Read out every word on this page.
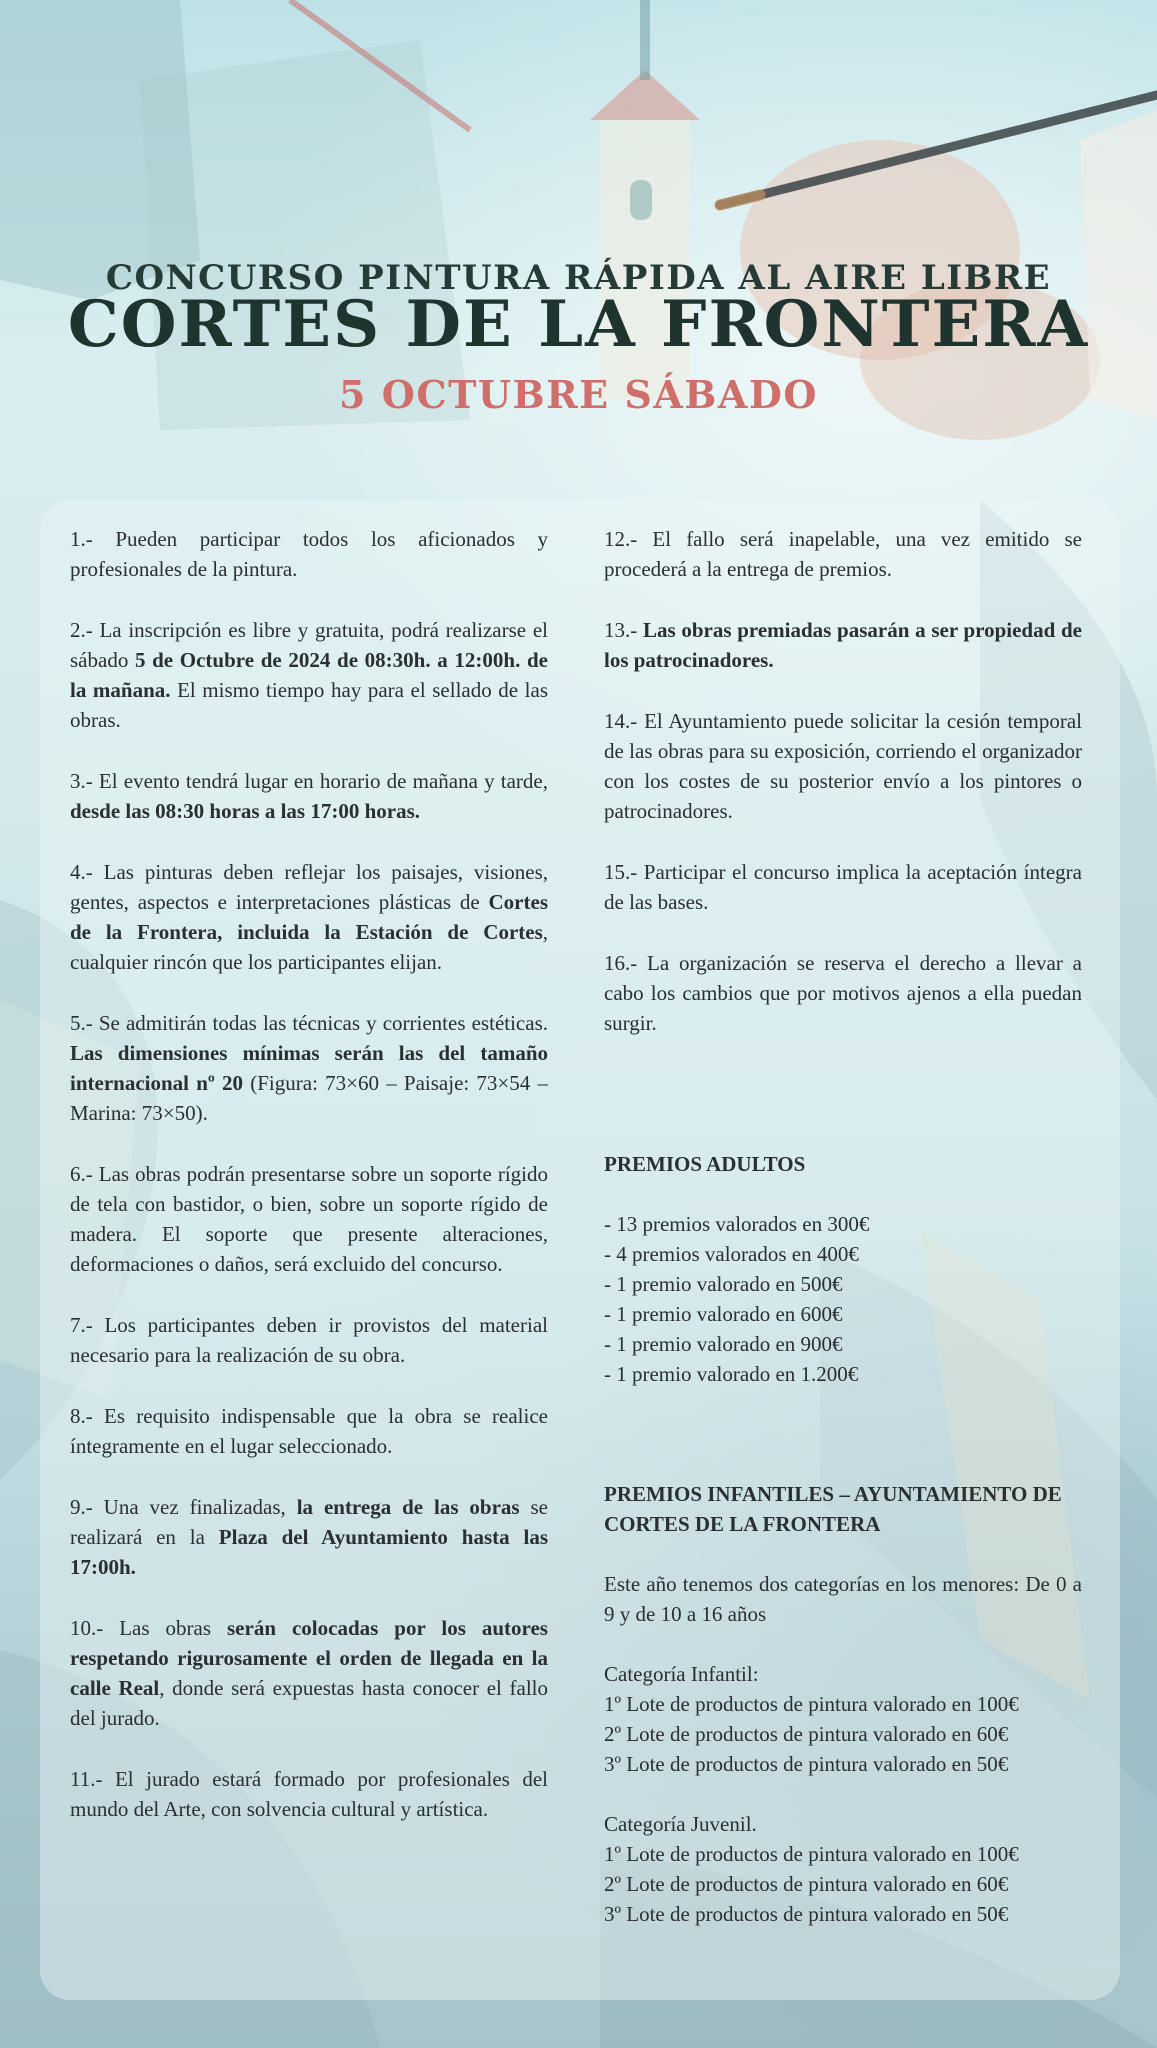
CONCURSO PINTURA RÁPIDA AL AIRE LIBRE
CORTES DE LA FRONTERA
5 OCTUBRE SÁBADO

1.- Pueden participar todos los aficionados y profesionales de la pintura.

2.- La inscripción es libre y gratuita, podrá realizarse el sábado 5 de Octubre de 2024 de 08:30h. a 12:00h. de la mañana. El mismo tiempo hay para el sellado de las obras.

3.- El evento tendrá lugar en horario de mañana y tarde, desde las 08:30 horas a las 17:00 horas.

4.- Las pinturas deben reflejar los paisajes, visiones, gentes, aspectos e interpretaciones plásticas de Cortes de la Frontera, incluida la Estación de Cortes, cualquier rincón que los participantes elijan.

5.- Se admitirán todas las técnicas y corrientes estéticas. Las dimensiones mínimas serán las del tamaño internacional nº 20 (Figura: 73×60 – Paisaje: 73×54 – Marina: 73×50).

6.- Las obras podrán presentarse sobre un soporte rígido de tela con bastidor, o bien, sobre un soporte rígido de madera. El soporte que presente alteraciones, deformaciones o daños, será excluido del concurso.

7.- Los participantes deben ir provistos del material necesario para la realización de su obra.

8.- Es requisito indispensable que la obra se realice íntegramente en el lugar seleccionado.

9.- Una vez finalizadas, la entrega de las obras se realizará en la Plaza del Ayuntamiento hasta las 17:00h.

10.- Las obras serán colocadas por los autores respetando rigurosamente el orden de llegada en la calle Real, donde será expuestas hasta conocer el fallo del jurado.

11.- El jurado estará formado por profesionales del mundo del Arte, con solvencia cultural y artística.

12.- El fallo será inapelable, una vez emitido se procederá a la entrega de premios.

13.- Las obras premiadas pasarán a ser propiedad de los patrocinadores.

14.- El Ayuntamiento puede solicitar la cesión temporal de las obras para su exposición, corriendo el organizador con los costes de su posterior envío a los pintores o patrocinadores.

15.- Participar el concurso implica la aceptación íntegra de las bases.

16.- La organización se reserva el derecho a llevar a cabo los cambios que por motivos ajenos a ella puedan surgir.

PREMIOS ADULTOS

- 13 premios valorados en 300€

- 4 premios valorados en 400€

- 1 premio valorado en 500€

- 1 premio valorado en 600€

- 1 premio valorado en 900€

- 1 premio valorado en 1.200€

PREMIOS INFANTILES – AYUNTAMIENTO DE CORTES DE LA FRONTERA

Este año tenemos dos categorías en los menores: De 0 a 9 y de 10 a 16 años

Categoría Infantil:

1º Lote de productos de pintura valorado en 100€

2º Lote de productos de pintura valorado en 60€

3º Lote de productos de pintura valorado en 50€

Categoría Juvenil.

1º Lote de productos de pintura valorado en 100€

2º Lote de productos de pintura valorado en 60€

3º Lote de productos de pintura valorado en 50€
